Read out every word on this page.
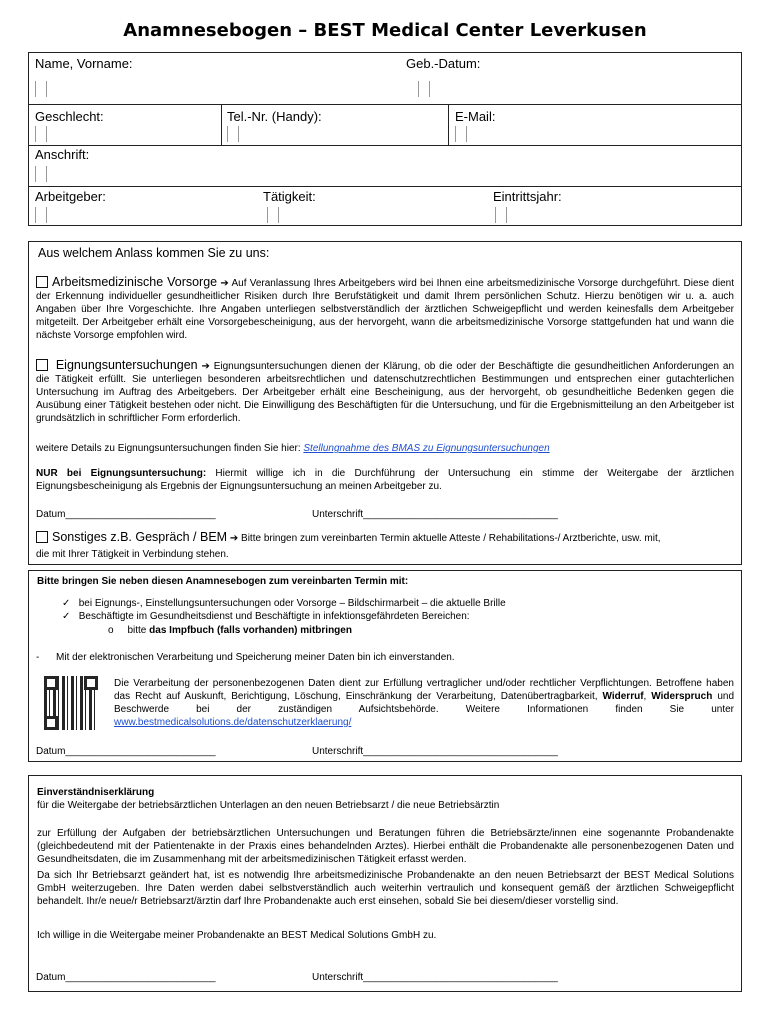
Anamnesebogen – BEST Medical Center Leverkusen
Name, Vorname:	Geb.-Datum:
Geschlecht:	Tel.-Nr. (Handy):	E-Mail:
Anschrift:
Arbeitgeber:	Tätigkeit:	Eintrittsjahr:
Aus welchem Anlass kommen Sie zu uns:
Arbeitsmedizinische Vorsorge ➔ Auf Veranlassung Ihres Arbeitgebers wird bei Ihnen eine arbeitsmedizinische Vorsorge durchgeführt. Diese dient der Erkennung individueller gesundheitlicher Risiken durch Ihre Berufstätigkeit und damit Ihrem persönlichen Schutz. Hierzu benötigen wir u. a. auch Angaben über Ihre Vorgeschichte. Ihre Angaben unterliegen selbstverständlich der ärztlichen Schweigepflicht und werden keinesfalls dem Arbeitgeber mitgeteilt. Der Arbeitgeber erhält eine Vorsorgebescheinigung, aus der hervorgeht, wann die arbeitsmedizinische Vorsorge stattgefunden hat und wann die nächste Vorsorge empfohlen wird.
Eignungsuntersuchungen ➔ Eignungsuntersuchungen dienen der Klärung, ob die oder der Beschäftigte die gesundheitlichen Anforderungen an die Tätigkeit erfüllt. Sie unterliegen besonderen arbeitsrechtlichen und datenschutzrechtlichen Bestimmungen und entsprechen einer gutachterlichen Untersuchung im Auftrag des Arbeitgebers. Der Arbeitgeber erhält eine Bescheinigung, aus der hervorgeht, ob gesundheitliche Bedenken gegen die Ausübung einer Tätigkeit bestehen oder nicht. Die Einwilligung des Beschäftigten für die Untersuchung, und für die Ergebnismitteilung an den Arbeitgeber ist grundsätzlich in schriftlicher Form erforderlich.
weitere Details zu Eignungsuntersuchungen finden Sie hier: Stellungnahme des BMAS zu Eignungsuntersuchungen
NUR bei Eignungsuntersuchung: Hiermit willige ich in die Durchführung der Untersuchung ein stimme der Weitergabe der ärztlichen Eignungsbescheinigung als Ergebnis der Eignungsuntersuchung an meinen Arbeitgeber zu.
Datum___________________________	Unterschrift___________________________________
Sonstiges z.B. Gespräch / BEM ➔ Bitte bringen zum vereinbarten Termin aktuelle Atteste / Rehabilitations-/ Arztberichte, usw. mit,
die mit Ihrer Tätigkeit in Verbindung stehen.
Bitte bringen Sie neben diesen Anamnesebogen zum vereinbarten Termin mit:
✓ bei Eignungs-, Einstellungsuntersuchungen oder Vorsorge – Bildschirmarbeit – die aktuelle Brille
✓ Beschäftigte im Gesundheitsdienst und Beschäftigte in infektionsgefährdeten Bereichen:
o bitte das Impfbuch (falls vorhanden) mitbringen
- Mit der elektronischen Verarbeitung und Speicherung meiner Daten bin ich einverstanden.
Die Verarbeitung der personenbezogenen Daten dient zur Erfüllung vertraglicher und/oder rechtlicher Verpflichtungen. Betroffene haben das Recht auf Auskunft, Berichtigung, Löschung, Einschränkung der Verarbeitung, Datenübertragbarkeit, Widerruf, Widerspruch und Beschwerde bei der zuständigen Aufsichtsbehörde. Weitere Informationen finden Sie unter www.bestmedicalsolutions.de/datenschutzerklaerung/
Datum___________________________	Unterschrift___________________________________
Einverständniserklärung
für die Weitergabe der betriebsärztlichen Unterlagen an den neuen Betriebsarzt / die neue Betriebsärztin
zur Erfüllung der Aufgaben der betriebsärztlichen Untersuchungen und Beratungen führen die Betriebsärzte/innen eine sogenannte Probandenakte (gleichbedeutend mit der Patientenakte in der Praxis eines behandelnden Arztes). Hierbei enthält die Probandenakte alle personenbezogenen Daten und Gesundheitsdaten, die im Zusammenhang mit der arbeitsmedizinischen Tätigkeit erfasst werden.
Da sich Ihr Betriebsarzt geändert hat, ist es notwendig Ihre arbeitsmedizinische Probandenakte an den neuen Betriebsarzt der BEST Medical Solutions GmbH weiterzugeben. Ihre Daten werden dabei selbstverständlich auch weiterhin vertraulich und konsequent gemäß der ärztlichen Schweigepflicht behandelt. Ihr/e neue/r Betriebsarzt/ärztin darf Ihre Probandenakte auch erst einsehen, sobald Sie bei diesem/dieser vorstellig sind.
Ich willige in die Weitergabe meiner Probandenakte an BEST Medical Solutions GmbH zu.
Datum___________________________	Unterschrift___________________________________
